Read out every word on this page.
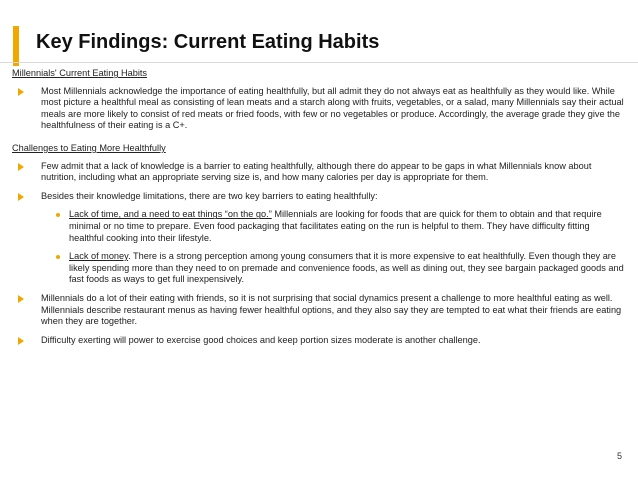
Key Findings: Current Eating Habits
Millennials' Current Eating Habits
Most Millennials acknowledge the importance of eating healthfully, but all admit they do not always eat as healthfully as they would like. While most picture a healthful meal as consisting of lean meats and a starch along with fruits, vegetables, or a salad, many Millennials say their actual meals are more likely to consist of red meats or fried foods, with few or no vegetables or produce. Accordingly, the average grade they give the healthfulness of their eating is a C+.
Challenges to Eating More Healthfully
Few admit that a lack of knowledge is a barrier to eating healthfully, although there do appear to be gaps in what Millennials know about nutrition, including what an appropriate serving size is, and how many calories per day is appropriate for them.
Besides their knowledge limitations, there are two key barriers to eating healthfully:
Lack of time, and a need to eat things “on the go.” Millennials are looking for foods that are quick for them to obtain and that require minimal or no time to prepare. Even food packaging that facilitates eating on the run is helpful to them. They have difficulty fitting healthful cooking into their lifestyle.
Lack of money. There is a strong perception among young consumers that it is more expensive to eat healthfully. Even though they are likely spending more than they need to on premade and convenience foods, as well as dining out, they see bargain packaged goods and fast foods as ways to get full inexpensively.
Millennials do a lot of their eating with friends, so it is not surprising that social dynamics present a challenge to more healthful eating as well. Millennials describe restaurant menus as having fewer healthful options, and they also say they are tempted to eat what their friends are eating when they are together.
Difficulty exerting will power to exercise good choices and keep portion sizes moderate is another challenge.
5
